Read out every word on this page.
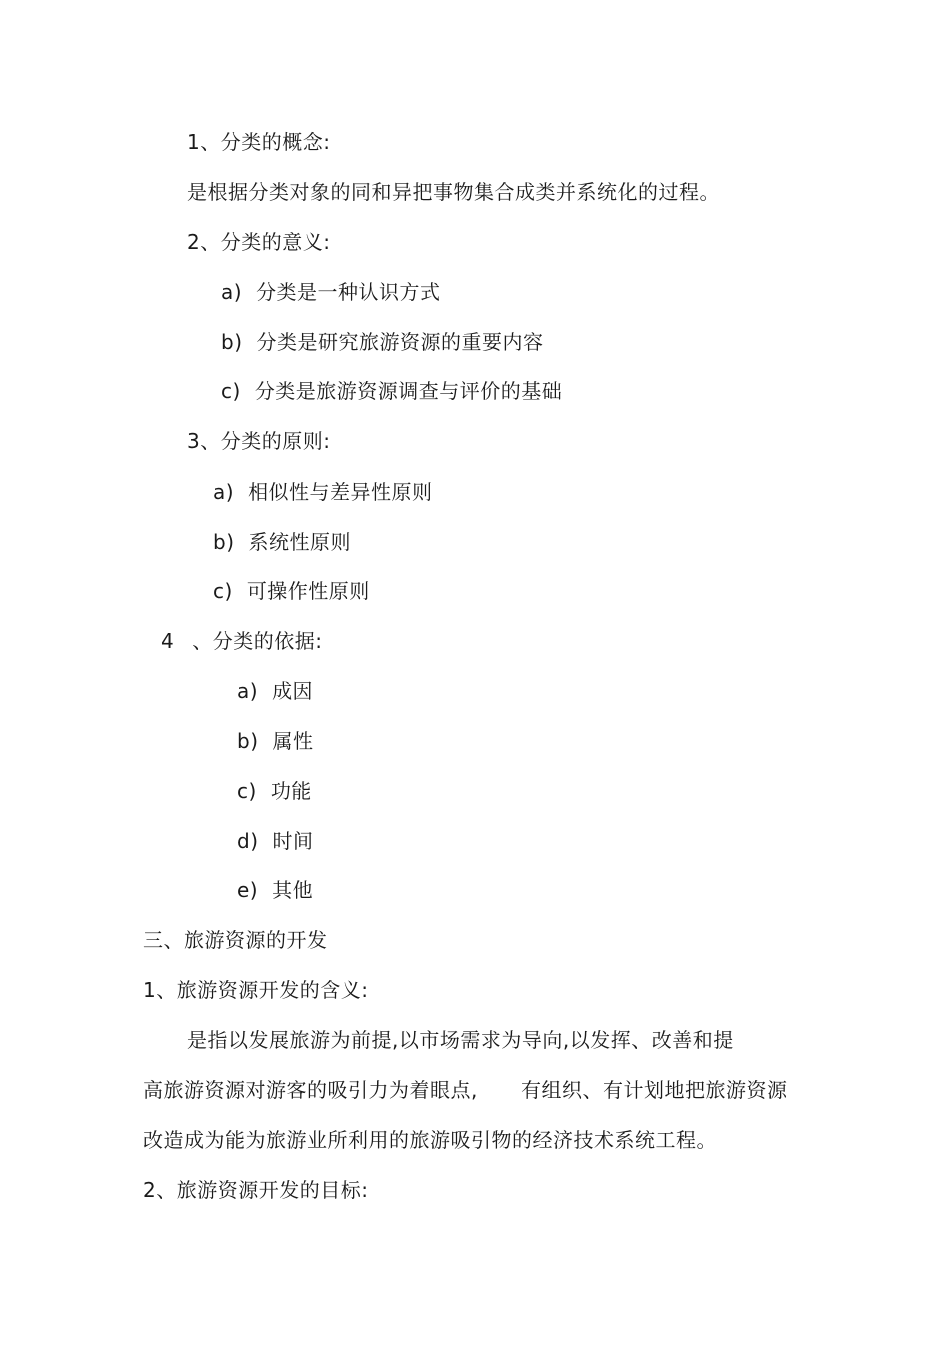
1、分类的概念:
是根据分类对象的同和异把事物集合成类并系统化的过程。
2、分类的意义:
a) 分类是一种认识方式
b) 分类是研究旅游资源的重要内容
c) 分类是旅游资源调查与评价的基础
3、分类的原则:
a) 相似性与差异性原则
b) 系统性原则
c) 可操作性原则
4 、分类的依据:
a) 成因
b) 属性
c) 功能
d) 时间
e) 其他
三、旅游资源的开发
1、旅游资源开发的含义:
是指以发展旅游为前提,以市场需求为导向,以发挥、改善和提
高旅游资源对游客的吸引力为着眼点, 有组织、有计划地把旅游资源
改造成为能为旅游业所利用的旅游吸引物的经济技术系统工程。
2、旅游资源开发的目标:
